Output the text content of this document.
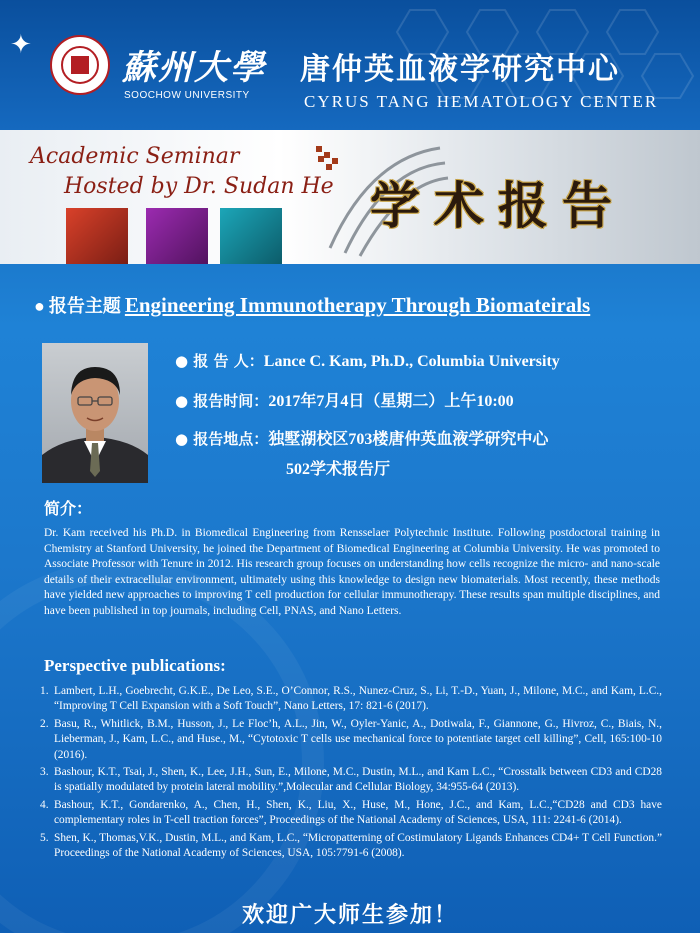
✦
蘇州大學
SOOCHOW UNIVERSITY
唐仲英血液学研究中心
CYRUS TANG HEMATOLOGY CENTER
Academic Seminar
Hosted by Dr. Sudan He 学术报告
● 报告主题 Engineering Immunotherapy Through Biomateirals
● 报 告 人：Lance C. Kam, Ph.D., Columbia University
● 报告时间：2017年7月4日（星期二）上午10:00
● 报告地点：独墅湖校区703楼唐仲英血液学研究中心
502学术报告厅
简介：
Dr. Kam received his Ph.D. in Biomedical Engineering from Rensselaer Polytechnic Institute. Following postdoctoral training in Chemistry at Stanford University, he joined the Department of Biomedical Engineering at Columbia University. He was promoted to Associate Professor with Tenure in 2012. His research group focuses on understanding how cells recognize the micro- and nano-scale details of their extracellular environment, ultimately using this knowledge to design new biomaterials. Most recently, these methods have yielded new approaches to improving T cell production for cellular immunotherapy. These results span multiple disciplines, and have been published in top journals, including Cell, PNAS, and Nano Letters.
Perspective publications:
1. Lambert, L.H., Goebrecht, G.K.E., De Leo, S.E., O’Connor, R.S., Nunez-Cruz, S., Li, T.-D., Yuan, J., Milone, M.C., and Kam, L.C., “Improving T Cell Expansion with a Soft Touch”, Nano Letters, 17: 821-6 (2017).
2. Basu, R., Whitlick, B.M., Husson, J., Le Floc’h, A.L., Jin, W., Oyler-Yanic, A., Dotiwala, F., Giannone, G., Hivroz, C., Biais, N., Lieberman, J., Kam, L.C., and Huse., M., “Cytotoxic T cells use mechanical force to potentiate target cell killing”, Cell, 165:100-10 (2016).
3. Bashour, K.T., Tsai, J., Shen, K., Lee, J.H., Sun, E., Milone, M.C., Dustin, M.L., and Kam L.C., “Crosstalk between CD3 and CD28 is spatially modulated by protein lateral mobility.”,Molecular and Cellular Biology, 34:955-64 (2013).
4. Bashour, K.T., Gondarenko, A., Chen, H., Shen, K., Liu, X., Huse, M., Hone, J.C., and Kam, L.C.,“CD28 and CD3 have complementary roles in T-cell traction forces”, Proceedings of the National Academy of Sciences, USA, 111: 2241-6 (2014).
5. Shen, K., Thomas,V.K., Dustin, M.L., and Kam, L.C., “Micropatterning of Costimulatory Ligands Enhances CD4+ T Cell Function.” Proceedings of the National Academy of Sciences, USA, 105:7791-6 (2008).
欢迎广大师生参加！
